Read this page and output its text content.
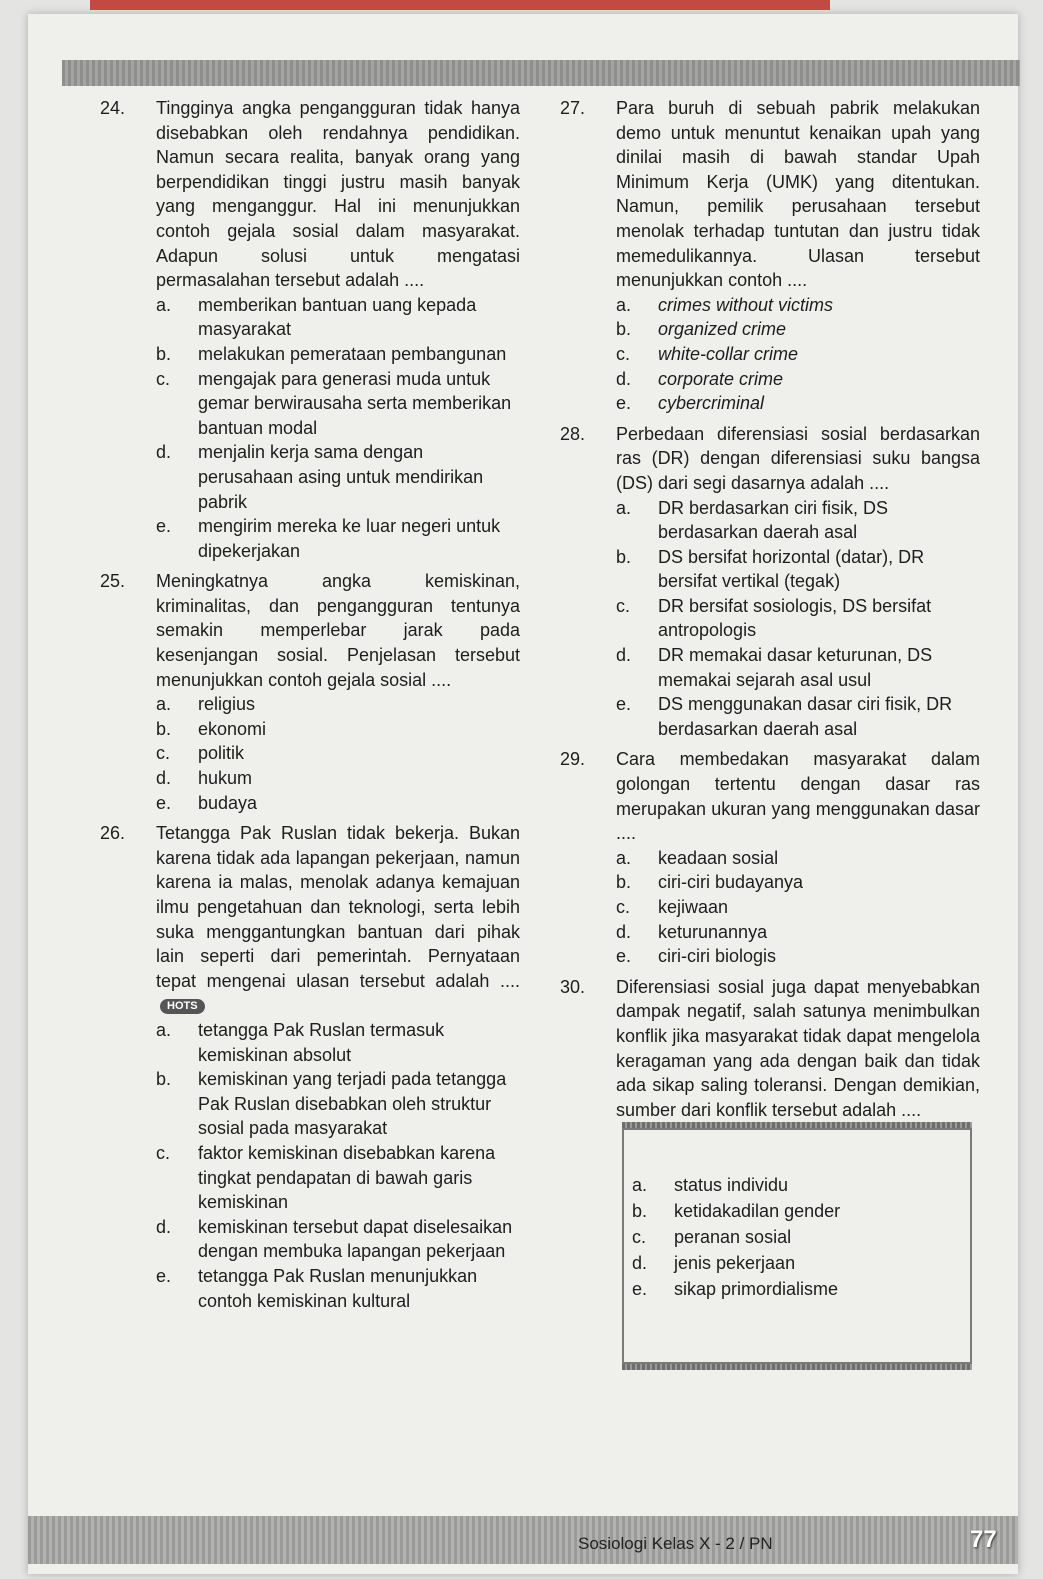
24. Tingginya angka pengangguran tidak hanya disebabkan oleh rendahnya pendidikan. Namun secara realita, banyak orang yang berpendidikan tinggi justru masih banyak yang menganggur. Hal ini menunjukkan contoh gejala sosial dalam masyarakat. Adapun solusi untuk mengatasi permasalahan tersebut adalah ....
a. memberikan bantuan uang kepada masyarakat
b. melakukan pemerataan pembangunan
c. mengajak para generasi muda untuk gemar berwirausaha serta memberikan bantuan modal
d. menjalin kerja sama dengan perusahaan asing untuk mendirikan pabrik
e. mengirim mereka ke luar negeri untuk dipekerjakan
25. Meningkatnya angka kemiskinan, kriminalitas, dan pengangguran tentunya semakin memperlebar jarak pada kesenjangan sosial. Penjelasan tersebut menunjukkan contoh gejala sosial ....
a. religius
b. ekonomi
c. politik
d. hukum
e. budaya
26. Tetangga Pak Ruslan tidak bekerja. Bukan karena tidak ada lapangan pekerjaan, namun karena ia malas, menolak adanya kemajuan ilmu pengetahuan dan teknologi, serta lebih suka menggantungkan bantuan dari pihak lain seperti dari pemerintah. Pernyataan tepat mengenai ulasan tersebut adalah ....HOTS
a. tetangga Pak Ruslan termasuk kemiskinan absolut
b. kemiskinan yang terjadi pada tetangga Pak Ruslan disebabkan oleh struktur sosial pada masyarakat
c. faktor kemiskinan disebabkan karena tingkat pendapatan di bawah garis kemiskinan
d. kemiskinan tersebut dapat diselesaikan dengan membuka lapangan pekerjaan
e. tetangga Pak Ruslan menunjukkan contoh kemiskinan kultural
27. Para buruh di sebuah pabrik melakukan demo untuk menuntut kenaikan upah yang dinilai masih di bawah standar Upah Minimum Kerja (UMK) yang ditentukan. Namun, pemilik perusahaan tersebut menolak terhadap tuntutan dan justru tidak memedulikannya. Ulasan tersebut menunjukkan contoh ....
a. crimes without victims
b. organized crime
c. white-collar crime
d. corporate crime
e. cybercriminal
28. Perbedaan diferensiasi sosial berdasarkan ras (DR) dengan diferensiasi suku bangsa (DS) dari segi dasarnya adalah ....
a. DR berdasarkan ciri fisik, DS berdasarkan daerah asal
b. DS bersifat horizontal (datar), DR bersifat vertikal (tegak)
c. DR bersifat sosiologis, DS bersifat antropologis
d. DR memakai dasar keturunan, DS memakai sejarah asal usul
e. DS menggunakan dasar ciri fisik, DR berdasarkan daerah asal
29. Cara membedakan masyarakat dalam golongan tertentu dengan dasar ras merupakan ukuran yang menggunakan dasar ....
a. keadaan sosial
b. ciri-ciri budayanya
c. kejiwaan
d. keturunannya
e. ciri-ciri biologis
30. Diferensiasi sosial juga dapat menyebabkan dampak negatif, salah satunya menimbulkan konflik jika masyarakat tidak dapat mengelola keragaman yang ada dengan baik dan tidak ada sikap saling toleransi. Dengan demikian, sumber dari konflik tersebut adalah ....
a. status individu
b. ketidakadilan gender
c. peranan sosial
d. jenis pekerjaan
e. sikap primordialisme
Sosiologi Kelas X - 2 / PN	77
